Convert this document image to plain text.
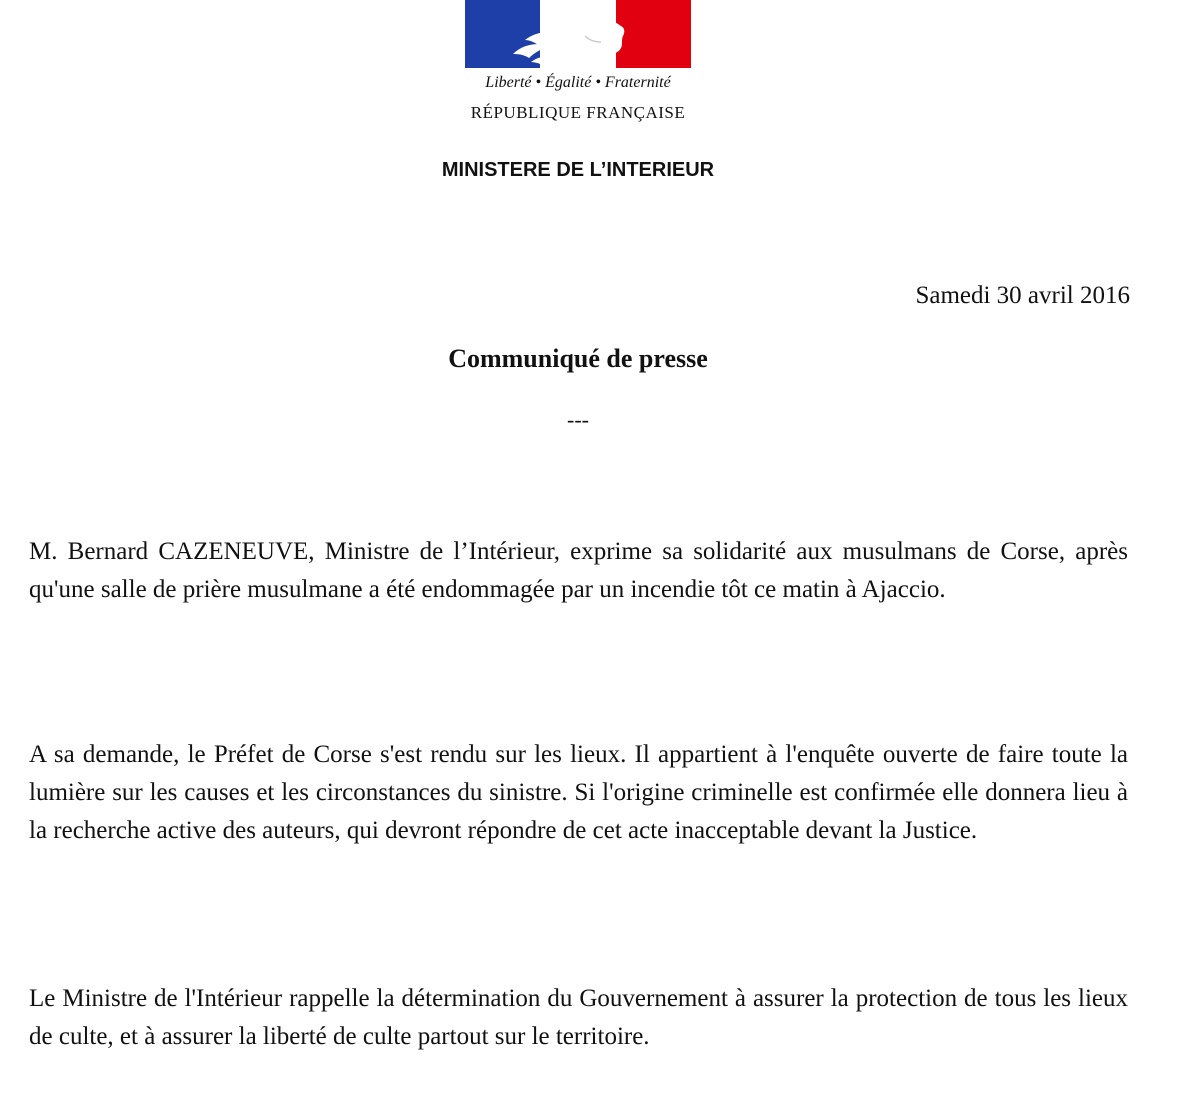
Liberté • Égalité • Fraternité
RÉPUBLIQUE FRANÇAISE
MINISTERE DE L’INTERIEUR
Samedi 30 avril 2016
Communiqué de presse
---

M. Bernard CAZENEUVE, Ministre de l’Intérieur, exprime sa solidarité aux musulmans de Corse, après qu'une salle de prière musulmane a été endommagée par un incendie tôt ce matin à Ajaccio.

A sa demande, le Préfet de Corse s'est rendu sur les lieux. Il appartient à l'enquête ouverte de faire toute la lumière sur les causes et les circonstances du sinistre. Si l'origine criminelle est confirmée elle donnera lieu à la recherche active des auteurs, qui devront répondre de cet acte inacceptable devant la Justice.

Le Ministre de l'Intérieur rappelle la détermination du Gouvernement à assurer la protection de tous les lieux de culte, et à assurer la liberté de culte partout sur le territoire.
